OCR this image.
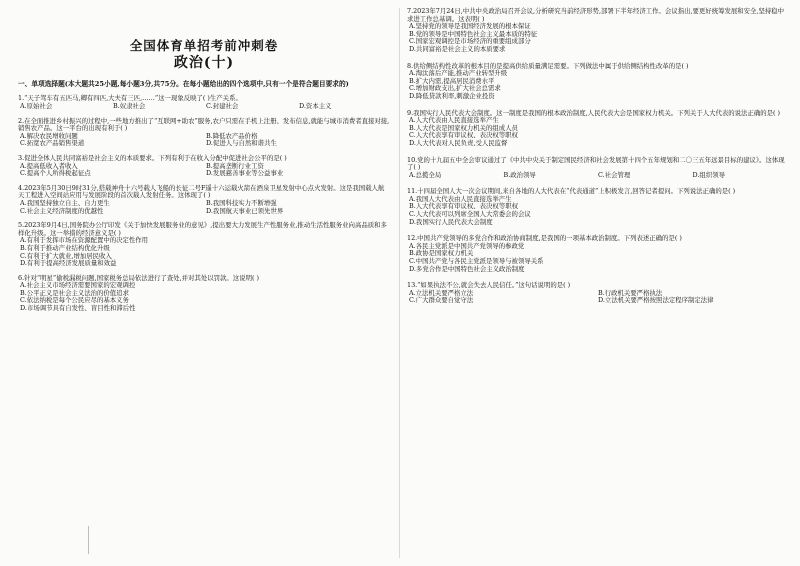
全国体育单招考前冲刺卷
政治(十)
一、单项选择题(本大题共25小题,每小题3分,共75分。在每小题给出的四个选项中,只有一个是符合题目要求的)
1.“天子驾车有五匹马,卿有四匹,大夫有三匹,……”这一现象反映了( )生产关系。
A.原始社会	B.奴隶社会	C.封建社会	D.资本主义
2.在全面推进乡村振兴的过程中,一些地方推出了“互联网+助农”服务,农户只需在手机上注册、发布信息,就能与城市消费者直接对接,销售农产品。这一平台的出现有利于( )
A.解决农民增收问题	B.降低农产品价格
C.拓宽农产品销售渠道	D.促进人与自然和谐共生
3.促进全体人民共同富裕是社会主义的本质要求。下列有利于在收入分配中促进社会公平的是( )
A.提高低收入者收入	B.提高垄断行业工资
C.提高个人所得税起征点	D.发展慈善事业等公益事业
4.2023年5月30日9时31分,搭载神舟十六号载人飞船的长征二号F遥十六运载火箭在酒泉卫星发射中心点火发射。这是我国载人航天工程进入空间站应用与发展阶段的首次载人发射任务。这体现了( )
A.我国坚持独立自主、自力更生	B.我国科技实力不断增强
C.社会主义经济制度的优越性	D.我国航天事业已领先世界
5.2023年9月4日,国务院办公厅印发《关于加快发展服务业的意见》,提出要大力发展生产性服务业,推动生活性服务业向高品质和多样化升级。这一举措的经济意义是( )
A.有利于发挥市场在资源配置中的决定性作用
B.有利于推动产业结构优化升级
C.有利于扩大就业,增加居民收入
D.有利于提高经济发展质量和效益
6.针对“明星”偷税漏税问题,国家税务总局依法进行了查处,并对其处以罚款。这说明( )
A.社会主义市场经济需要国家的宏观调控
B.公平正义是社会主义法治的价值追求
C.依法纳税是每个公民应尽的基本义务
D.市场调节具有自发性、盲目性和滞后性
7.2023年7月24日,中共中央政治局召开会议,分析研究当前经济形势,部署下半年经济工作。会议指出,要更好统筹发展和安全,坚持稳中求进工作总基调。这表明( )
A.坚持党的领导是我国经济发展的根本保证
B.党的领导是中国特色社会主义最本质的特征
C.国家宏观调控是市场经济的重要组成部分
D.共同富裕是社会主义的本质要求
8.供给侧结构性改革的根本目的是提高供给质量满足需要。下列做法中属于供给侧结构性改革的是( )
A.淘汰落后产能,推动产业转型升级
B.扩大内需,提高居民消费水平
C.增加财政支出,扩大社会总需求
D.降低贷款利率,刺激企业投资
9.我国实行人民代表大会制度。这一制度是我国的根本政治制度,人民代表大会是国家权力机关。下列关于人大代表的说法正确的是( )
A.人大代表由人民直接选举产生
B.人大代表是国家权力机关的组成人员
C.人大代表享有审议权、表决权等职权
D.人大代表对人民负责,受人民监督
10.党的十九届五中全会审议通过了《中共中央关于制定国民经济和社会发展第十四个五年规划和二〇三五年远景目标的建议》。这体现了( )
A.总揽全局	B.政治领导	C.社会管理	D.组织领导
11.十四届全国人大一次会议期间,来自各地的人大代表在“代表通道”上积极发言,回答记者提问。下列说法正确的是( )
A.我国人大代表由人民直接选举产生
B.人大代表享有审议权、表决权等职权
C.人大代表可以列席全国人大常委会的会议
D.我国实行人民代表大会制度
12.中国共产党领导的多党合作和政治协商制度,是我国的一项基本政治制度。下列表述正确的是( )
A.各民主党派是中国共产党领导的参政党
B.政协是国家权力机关
C.中国共产党与各民主党派是领导与被领导关系
D.多党合作是中国特色社会主义政治制度
13.“如果执法不公,就会失去人民信任。”这句话说明的是( )
A.立法机关要严格立法	B.行政机关要严格执法
C.广大群众要自觉守法	D.立法机关要严格按照法定程序制定法律
